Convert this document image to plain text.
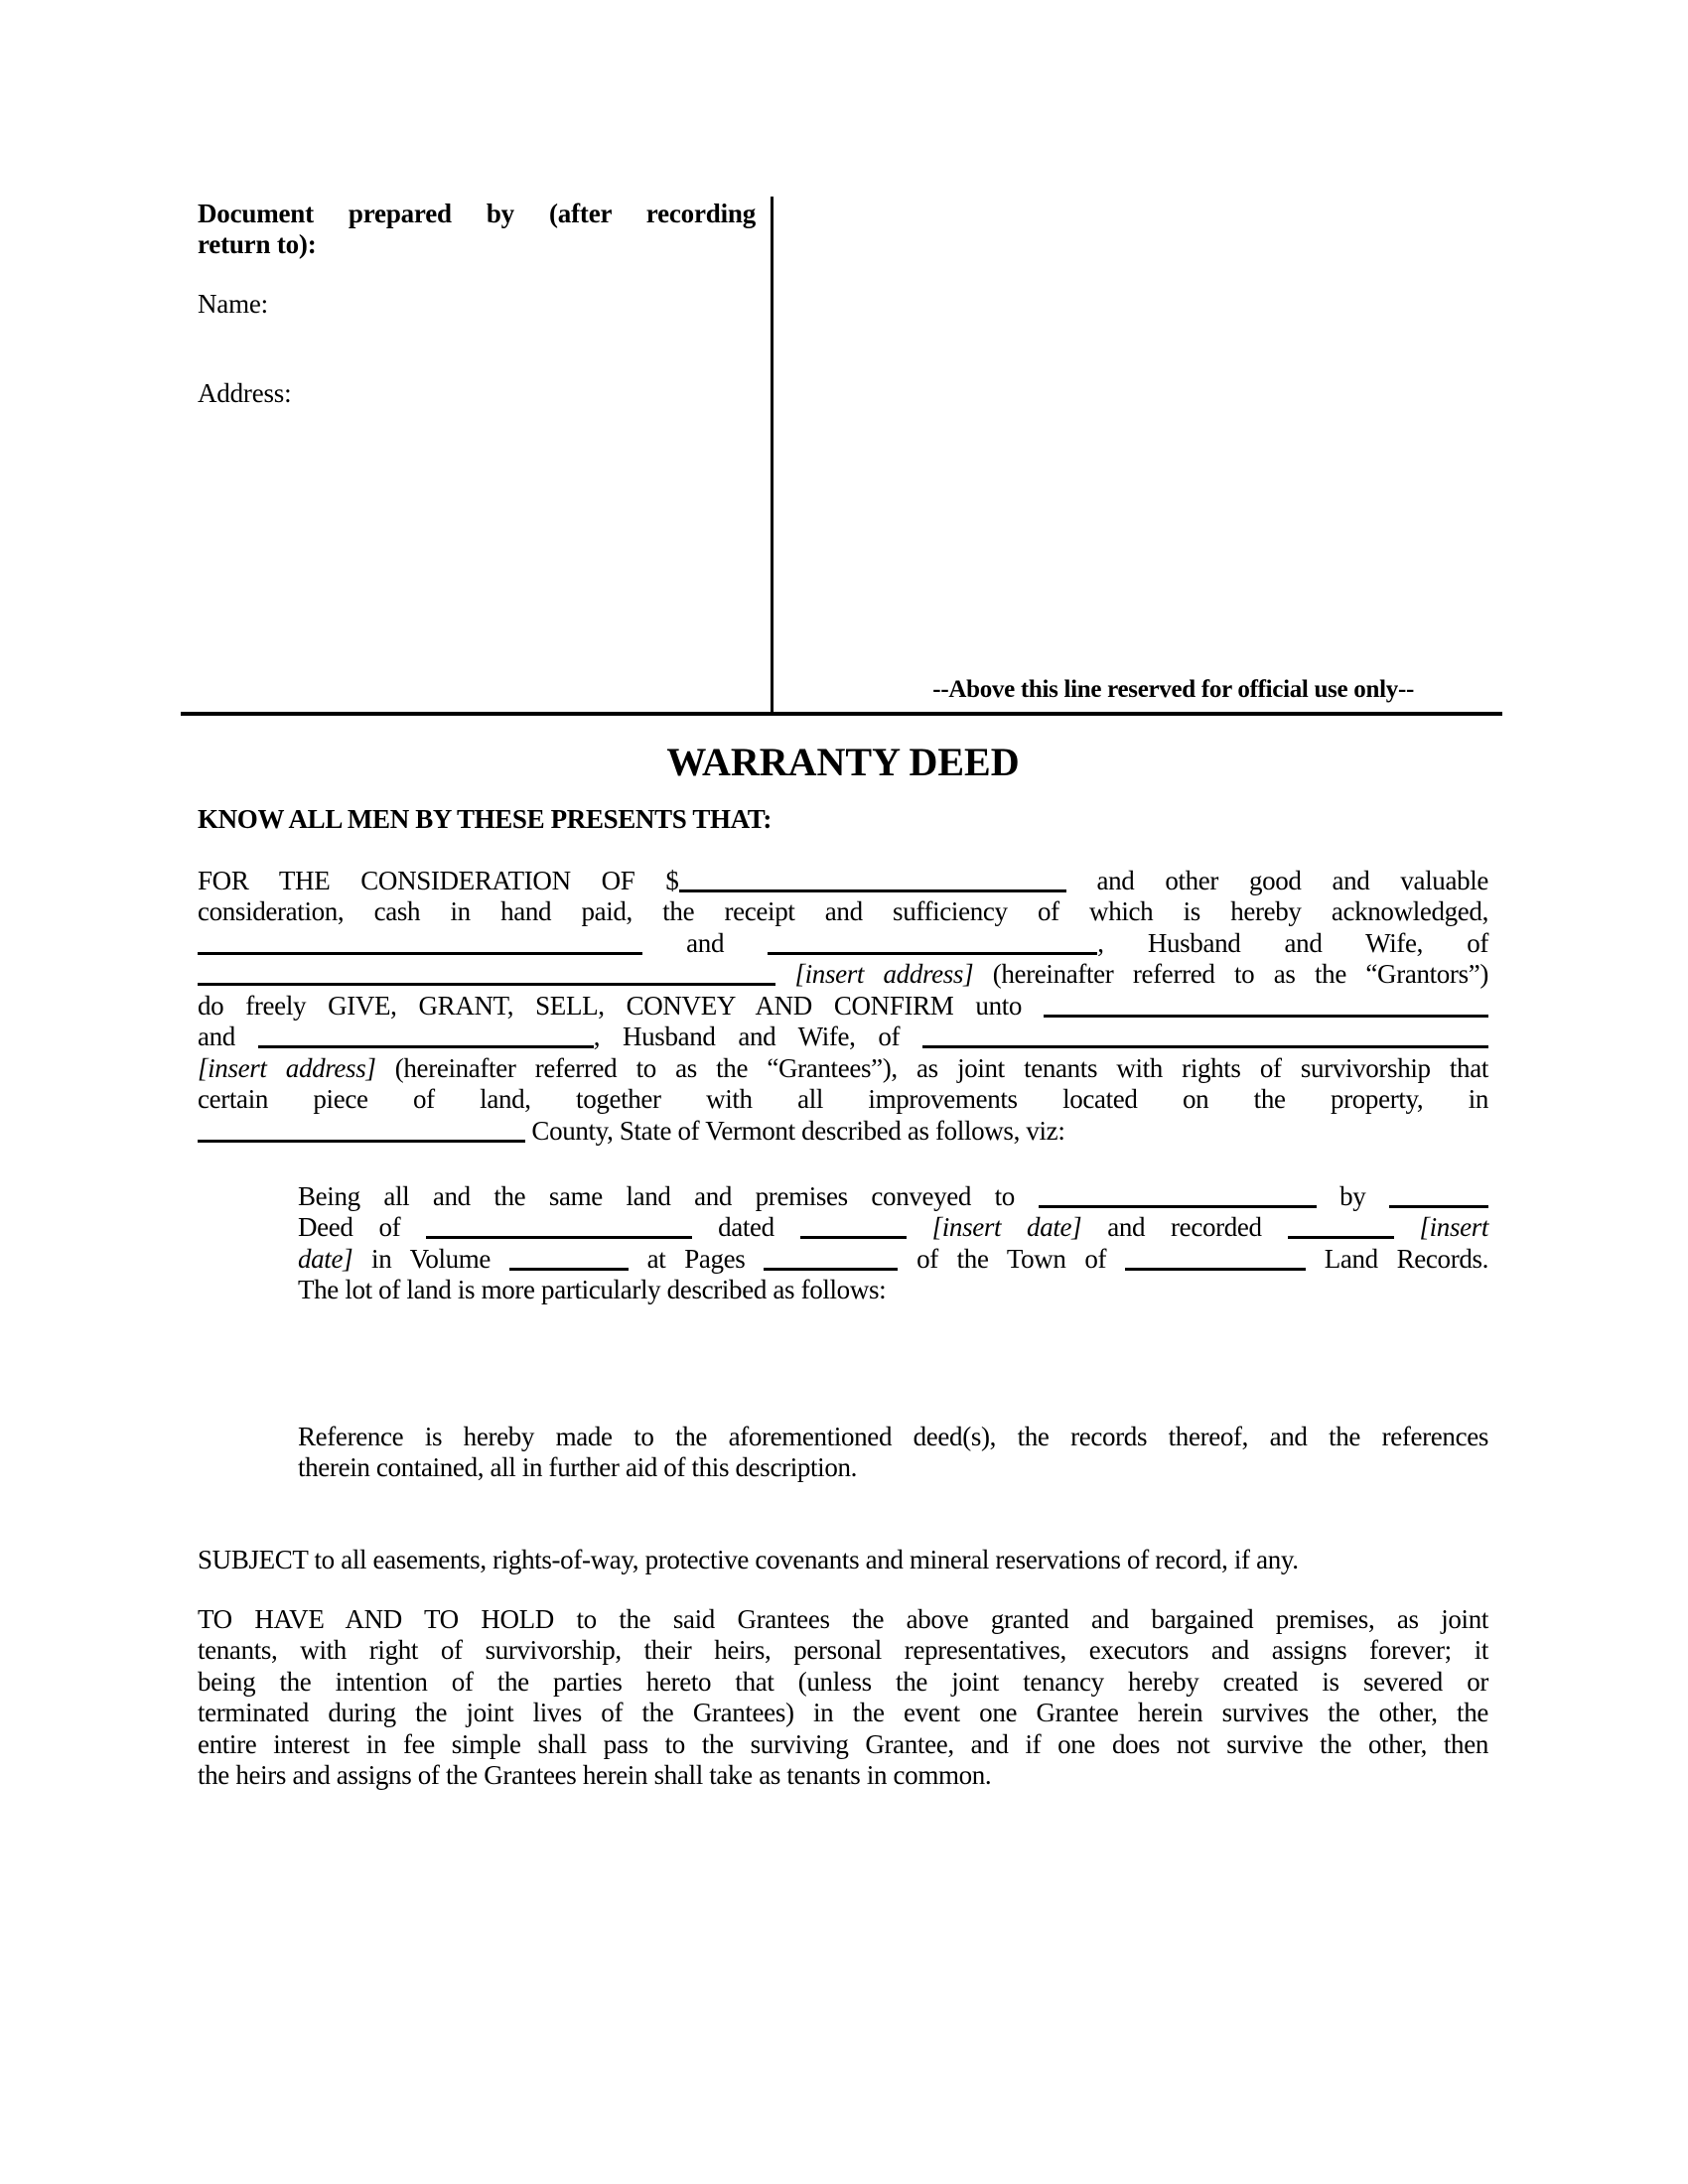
Document prepared by (after recording
return to):
Name:
Address:
--Above this line reserved for official use only--
WARRANTY DEED
KNOW ALL MEN BY THESE PRESENTS THAT:
FOR THE CONSIDERATION OF $	and other good and valuable
consideration, cash in hand paid, the receipt and sufficiency of which is hereby acknowledged,
and	, Husband and Wife, of
[insert address] (hereinafter referred to as the “Grantors”)
do freely GIVE, GRANT, SELL, CONVEY AND CONFIRM unto
and	, Husband and Wife, of
[insert address] (hereinafter referred to as the “Grantees”), as joint tenants with rights of survivorship that
certain piece of land, together with all improvements located on the property, in
County, State of Vermont described as follows, viz:
Being all and the same land and premises conveyed to	by
Deed of	dated	[insert date] and recorded	[insert
date] in Volume	at Pages	of the Town of	Land Records.
The lot of land is more particularly described as follows:
Reference is hereby made to the aforementioned deed(s), the records thereof, and the references
therein contained, all in further aid of this description.
SUBJECT to all easements, rights-of-way, protective covenants and mineral reservations of record, if any.
TO HAVE AND TO HOLD to the said Grantees the above granted and bargained premises, as joint
tenants, with right of survivorship, their heirs, personal representatives, executors and assigns forever; it
being the intention of the parties hereto that (unless the joint tenancy hereby created is severed or
terminated during the joint lives of the Grantees) in the event one Grantee herein survives the other, the
entire interest in fee simple shall pass to the surviving Grantee, and if one does not survive the other, then
the heirs and assigns of the Grantees herein shall take as tenants in common.
